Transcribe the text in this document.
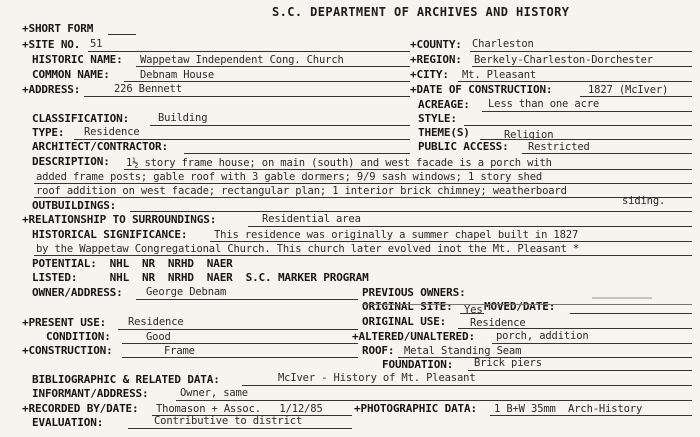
S.C. DEPARTMENT OF ARCHIVES AND HISTORY
+SHORT FORM
+SITE NO. 51	+COUNTY: Charleston
HISTORIC NAME: Wappetaw Independent Cong. Church	+REGION: Berkely-Charleston-Dorchester
COMMON NAME:	Debnam House	+CITY: Mt. Pleasant
+ADDRESS:	226 Bennett	+DATE OF CONSTRUCTION:	1827 (McIver)
ACREAGE: Less than one acre
CLASSIFICATION:	Building	STYLE:
TYPE: Residence	THEME(S)	Religion
ARCHITECT/CONTRACTOR:	PUBLIC ACCESS: Restricted
DESCRIPTION: 1½ story frame house; on main (south) and west facade is a porch with
added frame posts; gable roof with 3 gable dormers; 9/9 sash windows; 1 story shed
roof addition on west facade; rectangular plan; 1 interior brick chimney; weatherboard
siding.
OUTBUILDINGS:
+RELATIONSHIP TO SURROUNDINGS:	Residential area
HISTORICAL SIGNIFICANCE:	This residence was originally a summer chapel built in 1827
by the Wappetaw Congregational Church. This church later evolved inot the Mt. Pleasant *
POTENTIAL:  NHL  NR  NRHD  NAER
LISTED:     NHL  NR  NRHD  NAER  S.C. MARKER PROGRAM
OWNER/ADDRESS: George Debnam	PREVIOUS OWNERS:
ORIGINAL SITE: Yes MOVED/DATE:
+PRESENT USE: Residence	ORIGINAL USE: Residence
CONDITION:	Good	+ALTERED/UNALTERED: porch, addition
+CONSTRUCTION:	Frame	ROOF: Metal Standing Seam
FOUNDATION: Brick piers
BIBLIOGRAPHIC & RELATED DATA:	McIver - History of Mt. Pleasant
INFORMANT/ADDRESS:	Owner, same
+RECORDED BY/DATE: Thomason + Assoc.   1/12/85	+PHOTOGRAPHIC DATA: 1 B+W 35mm  Arch-History
EVALUATION:	Contributive to district
